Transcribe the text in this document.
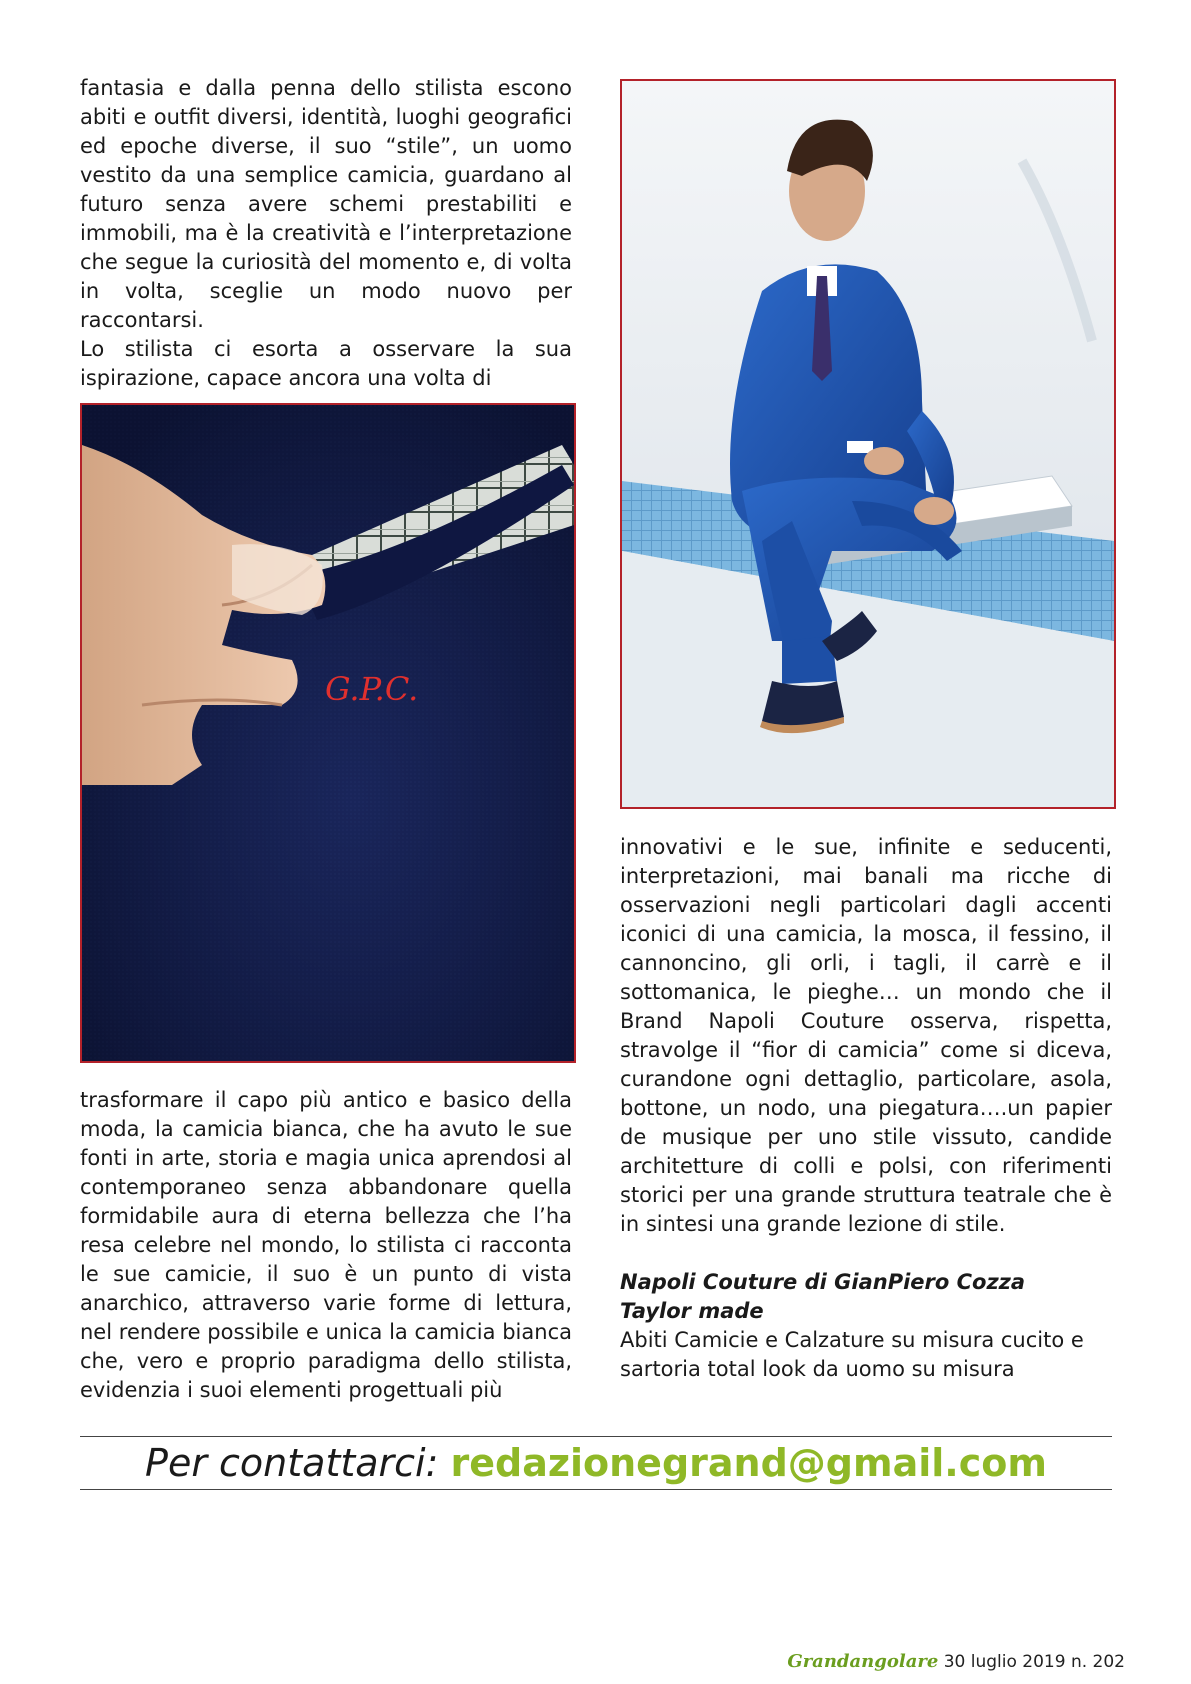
fantasia e dalla penna dello stilista escono abiti e outfit diversi, identità, luoghi geografici ed epoche diverse, il suo “stile”, un uomo vestito da una semplice camicia, guardano al futuro senza avere schemi prestabiliti e immobili, ma è la creatività e l’interpretazione che segue la curiosità del momento e, di volta in volta, sceglie un modo nuovo per raccontarsi.

Lo stilista ci esorta a osservare la sua ispirazione, capace ancora una volta di

G.P.C.

trasformare il capo più antico e basico della moda, la camicia bianca, che ha avuto le sue fonti in arte, storia e magia unica aprendosi al contemporaneo senza abbandonare quella formidabile aura di eterna bellezza che l’ha resa celebre nel mondo, lo stilista ci racconta le sue camicie, il suo è un punto di vista anarchico, attraverso varie forme di lettura, nel rendere possibile e unica la camicia bianca che, vero e proprio paradigma dello stilista, evidenzia i suoi elementi progettuali più

innovativi e le sue, infinite e seducenti, interpretazioni, mai banali ma ricche di osservazioni negli particolari dagli accenti iconici di una camicia, la mosca, il fessino, il cannoncino, gli orli, i tagli, il carrè e il sottomanica, le pieghe… un mondo che il Brand Napoli Couture osserva, rispetta, stravolge il “fior di camicia” come si diceva, curandone ogni dettaglio, particolare, asola, bottone, un nodo, una piegatura….un papier de musique per uno stile vissuto, candide architetture di colli e polsi, con riferimenti storici per una grande struttura teatrale che è in sintesi una grande lezione di stile.

Napoli Couture di GianPiero Cozza
Taylor made
Abiti Camicie e Calzature su misura cucito e sartoria total look da uomo su misura

Per contattarci: redazionegrand@gmail.com
Grandangolare 30 luglio 2019 n. 202
